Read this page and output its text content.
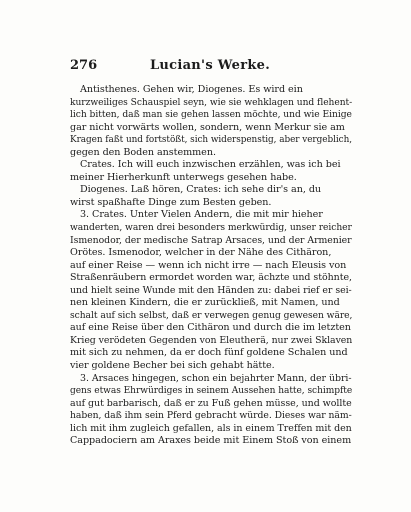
276	Lucian's Werke.
Antisthenes. Gehen wir, Diogenes. Es wird ein
kurzweiliges Schauspiel seyn, wie sie wehklagen und flehent-
lich bitten, daß man sie gehen lassen möchte, und wie Einige
gar nicht vorwärts wollen, sondern, wenn Merkur sie am
Kragen faßt und fortstößt, sich widerspenstig, aber vergeblich,
gegen den Boden anstemmen.
Crates. Ich will euch inzwischen erzählen, was ich bei
meiner Hierherkunft unterwegs gesehen habe.
Diogenes. Laß hören, Crates: ich sehe dir's an, du
wirst spaßhafte Dinge zum Besten geben.
3. Crates. Unter Vielen Andern, die mit mir hieher
wanderten, waren drei besonders merkwürdig, unser reicher
Ismenodor, der medische Satrap Arsaces, und der Armenier
Orötes. Ismenodor, welcher in der Nähe des Cithäron,
auf einer Reise — wenn ich nicht irre — nach Eleusis von
Straßenräubern ermordet worden war, ächzte und stöhnte,
und hielt seine Wunde mit den Händen zu: dabei rief er sei-
nen kleinen Kindern, die er zurückließ, mit Namen, und
schalt auf sich selbst, daß er verwegen genug gewesen wäre,
auf eine Reise über den Cithäron und durch die im letzten
Krieg verödeten Gegenden von Eleutherä, nur zwei Sklaven
mit sich zu nehmen, da er doch fünf goldene Schalen und
vier goldene Becher bei sich gehabt hätte.
3. Arsaces hingegen, schon ein bejahrter Mann, der übri-
gens etwas Ehrwürdiges in seinem Aussehen hatte, schimpfte
auf gut barbarisch, daß er zu Fuß gehen müsse, und wollte
haben, daß ihm sein Pferd gebracht würde. Dieses war näm-
lich mit ihm zugleich gefallen, als in einem Treffen mit den
Cappadociern am Araxes beide mit Einem Stoß von einem
